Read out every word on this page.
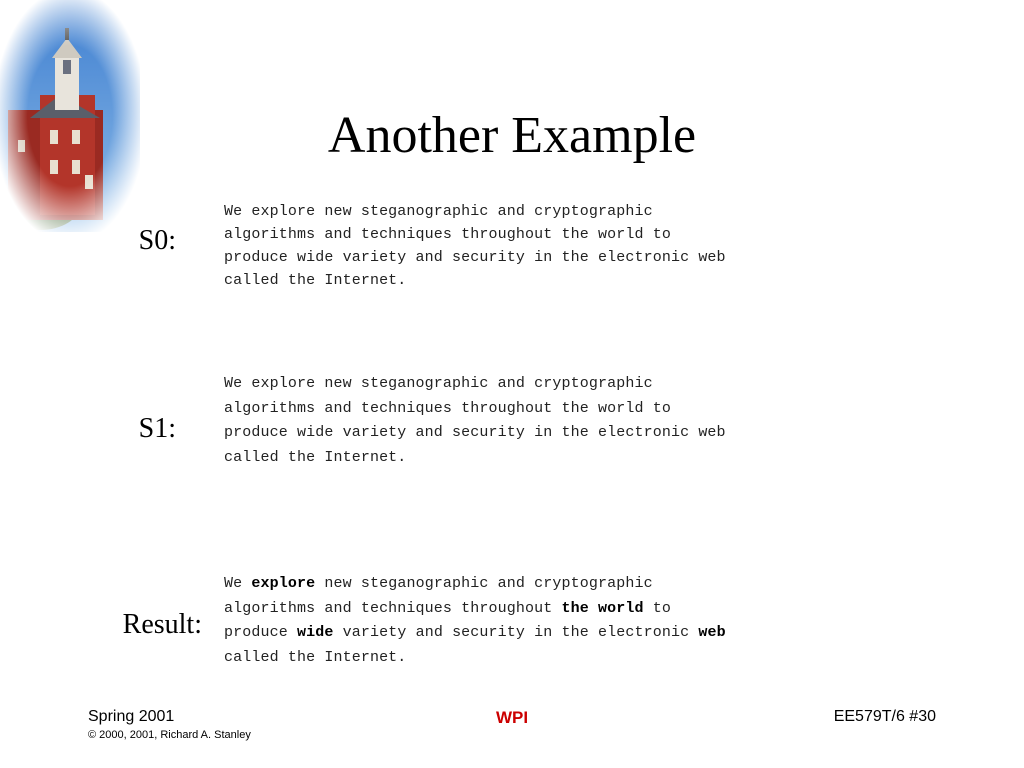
Another Example
S0:
We explore new steganographic and cryptographic
algorithms and techniques throughout the world to
produce wide variety and security in the electronic web
called the Internet.
S1:
We explore new steganographic and cryptographic
algorithms and techniques throughout the world to
produce wide variety and security in the electronic web
called the Internet.
Result:
We explore new steganographic and cryptographic
algorithms and techniques throughout the world to
produce wide variety and security in the electronic web
called the Internet.
Spring 2001
© 2000, 2001, Richard A. Stanley
WPI	EE579T/6 #30
